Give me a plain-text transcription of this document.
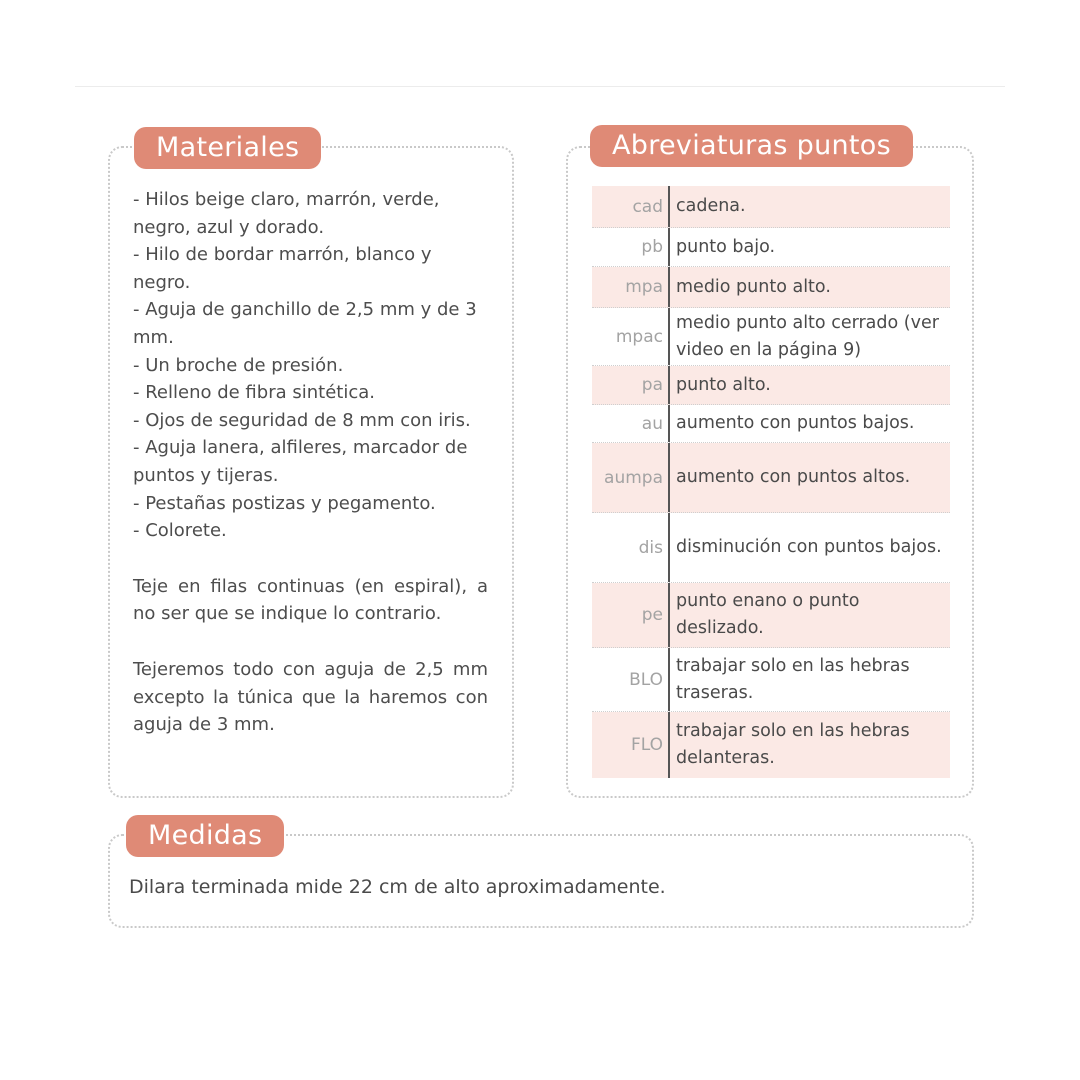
Materiales
- Hilos beige claro, marrón, verde, negro, azul y dorado.
- Hilo de bordar marrón, blanco y negro.
- Aguja de ganchillo de 2,5 mm y de 3 mm.
- Un broche de presión.
- Relleno de fibra sintética.
- Ojos de seguridad de 8 mm con iris.
- Aguja lanera, alfileres, marcador de puntos y tijeras.
- Pestañas postizas y pegamento.
- Colorete.
Teje en filas continuas (en espiral), a no ser que se indique lo contrario.
Tejeremos todo con aguja de 2,5 mm excepto la túnica que la haremos con aguja de 3 mm.
Abreviaturas puntos
cad cadena.
pb punto bajo.
mpa medio punto alto.
mpac
medio punto alto cerrado (ver video en la página 9)
pa punto alto.
au aumento con puntos bajos.
aumpa aumento con puntos altos.
dis disminución con puntos bajos.
pe
punto enano o punto deslizado.
BLO
trabajar solo en las hebras traseras.
FLO
trabajar solo en las hebras delanteras.
Medidas
Dilara terminada mide 22 cm de alto aproximadamente.
